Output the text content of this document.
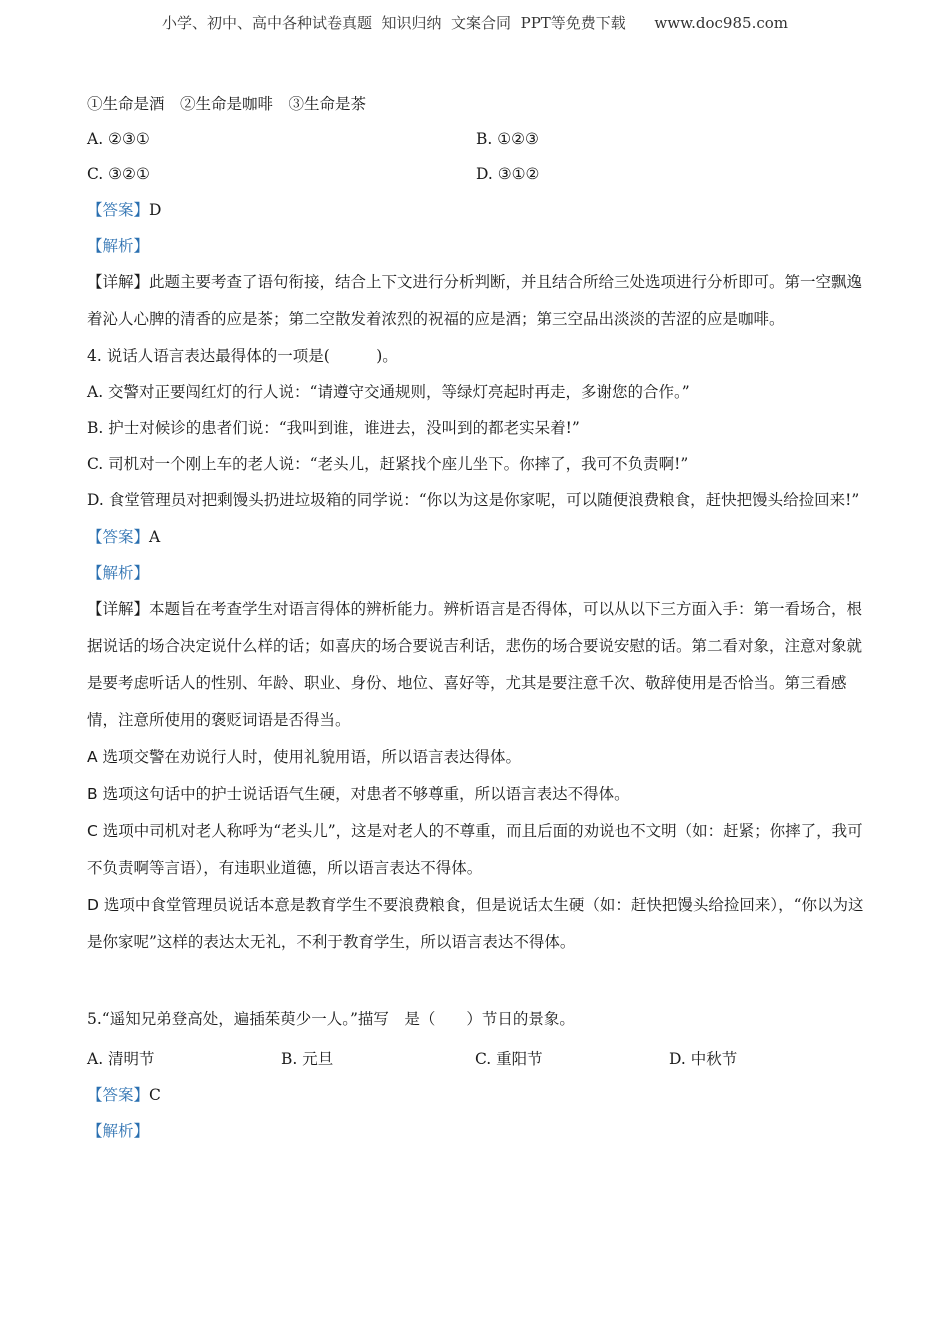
小学、初中、高中各种试卷真题  知识归纳  文案合同  PPT等免费下载      www.doc985.com
①生命是酒　②生命是咖啡　③生命是茶
A. ②③①	B. ①②③
C. ③②①	D. ③①②
【答案】D
【解析】
【详解】此题主要考查了语句衔接，结合上下文进行分析判断，并且结合所给三处选项进行分析即可。第一空飘逸着沁人心脾的清香的应是茶；第二空散发着浓烈的祝福的应是酒；第三空品出淡淡的苦涩的应是咖啡。
4. 说话人语言表达最得体的一项是(　　　)。
A. 交警对正要闯红灯的行人说：“请遵守交通规则，等绿灯亮起时再走，多谢您的合作。”
B. 护士对候诊的患者们说：“我叫到谁，谁进去，没叫到的都老实呆着!”
C. 司机对一个刚上车的老人说：“老头儿，赶紧找个座儿坐下。你摔了，我可不负责啊!”
D. 食堂管理员对把剩馒头扔进垃圾箱的同学说：“你以为这是你家呢，可以随便浪费粮食，赶快把馒头给捡回来!”
【答案】A
【解析】
【详解】本题旨在考查学生对语言得体的辨析能力。辨析语言是否得体，可以从以下三方面入手：第一看场合，根据说话的场合决定说什么样的话；如喜庆的场合要说吉利话，悲伤的场合要说安慰的话。第二看对象，注意对象就是要考虑听话人的性别、年龄、职业、身份、地位、喜好等，尤其是要注意千次、敬辞使用是否恰当。第三看感情，注意所使用的褒贬词语是否得当。
A 选项交警在劝说行人时，使用礼貌用语，所以语言表达得体。
B 选项这句话中的护士说话语气生硬，对患者不够尊重，所以语言表达不得体。
C 选项中司机对老人称呼为“老头儿”，这是对老人的不尊重，而且后面的劝说也不文明（如：赶紧；你摔了，我可不负责啊等言语），有违职业道德，所以语言表达不得体。
D 选项中食堂管理员说话本意是教育学生不要浪费粮食，但是说话太生硬（如：赶快把馒头给捡回来），“你以为这是你家呢”这样的表达太无礼，不利于教育学生，所以语言表达不得体。
5.“遥知兄弟登高处，遍插茱萸少一人。”描写　是（　　）节日的景象。
A. 清明节	B. 元旦	C. 重阳节	D. 中秋节
【答案】C
【解析】
